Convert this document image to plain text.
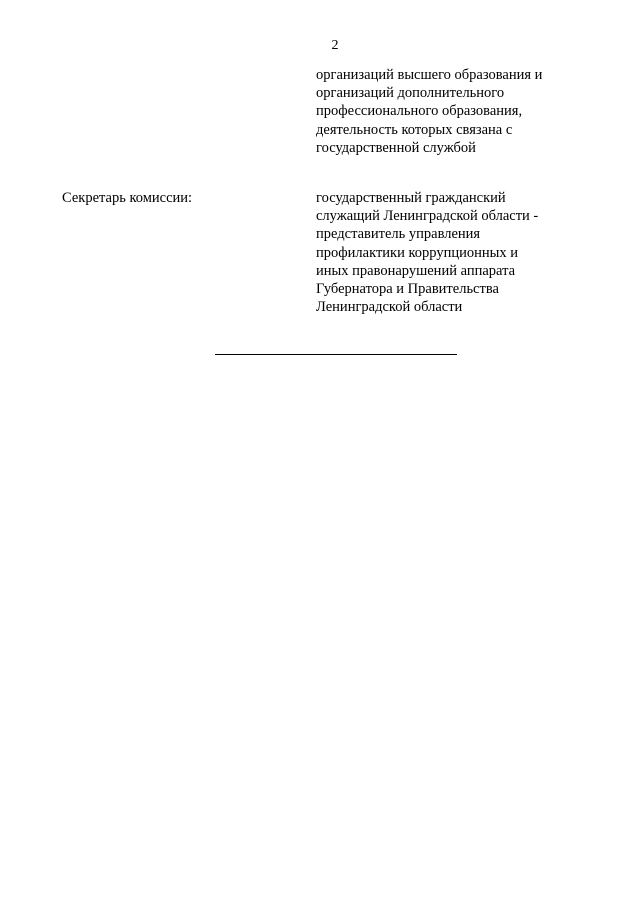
2
организаций высшего образования и
организаций дополнительного
профессионального образования,
деятельность которых связана с
государственной службой
Секретарь комиссии:	государственный гражданский
служащий Ленинградской области -
представитель управления
профилактики коррупционных и
иных правонарушений аппарата
Губернатора и Правительства
Ленинградской области
